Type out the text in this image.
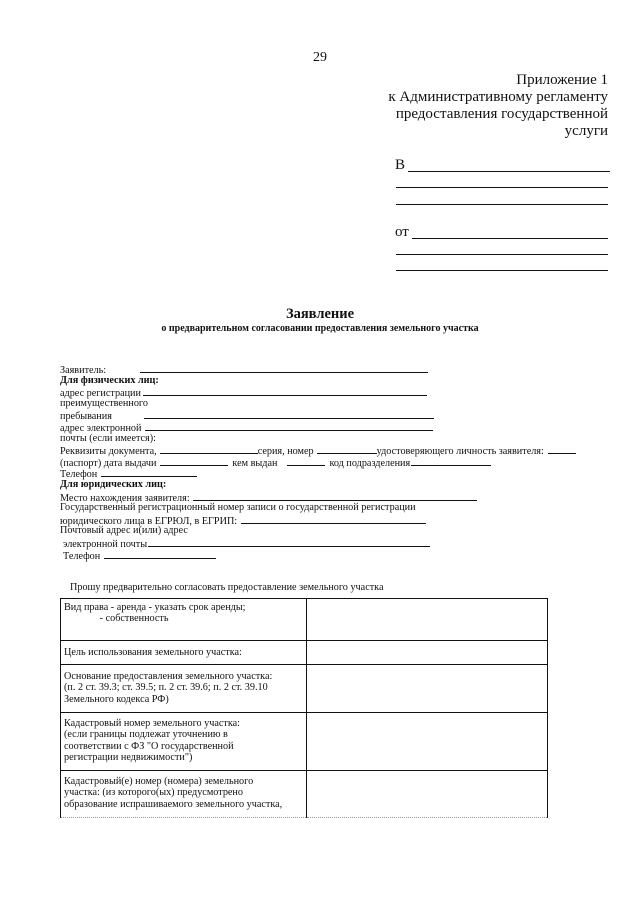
29
Приложение 1
к Административному регламенту
предоставления государственной
услуги
В
от
Заявление
о предварительном согласовании предоставления земельного участка
Заявитель:
Для физических лиц:
адрес регистрации
преимущественного
пребывания
адрес электронной
почты (если имеется):
Реквизиты документа,	серия, номер	удостоверяющего личность заявителя:
(паспорт) дата выдачи	кем выдан	код подразделения
Телефон
Для юридических лиц:
Место нахождения заявителя:
Государственный регистрационный номер записи о государственной регистрации
юридического лица в ЕГРЮЛ, в ЕГРИП:
Почтовый адрес и(или) адрес
электронной почты
Телефон
Прошу предварительно согласовать предоставление земельного участка
Вид права - аренда - указать срок аренды;
- собственность	

Цель использования земельного участка:	

Основание предоставления земельного участка:
(п. 2 ст. 39.3; ст. 39.5; п. 2 ст. 39.6; п. 2 ст. 39.10
Земельного кодекса РФ)	

Кадастровый номер земельного участка:
(если границы подлежат уточнению в
соответствии с ФЗ "О государственной
регистрации недвижимости")	

Кадастровый(е) номер (номера) земельного
участка: (из которого(ых) предусмотрено
образование испрашиваемого земельного участка,	
